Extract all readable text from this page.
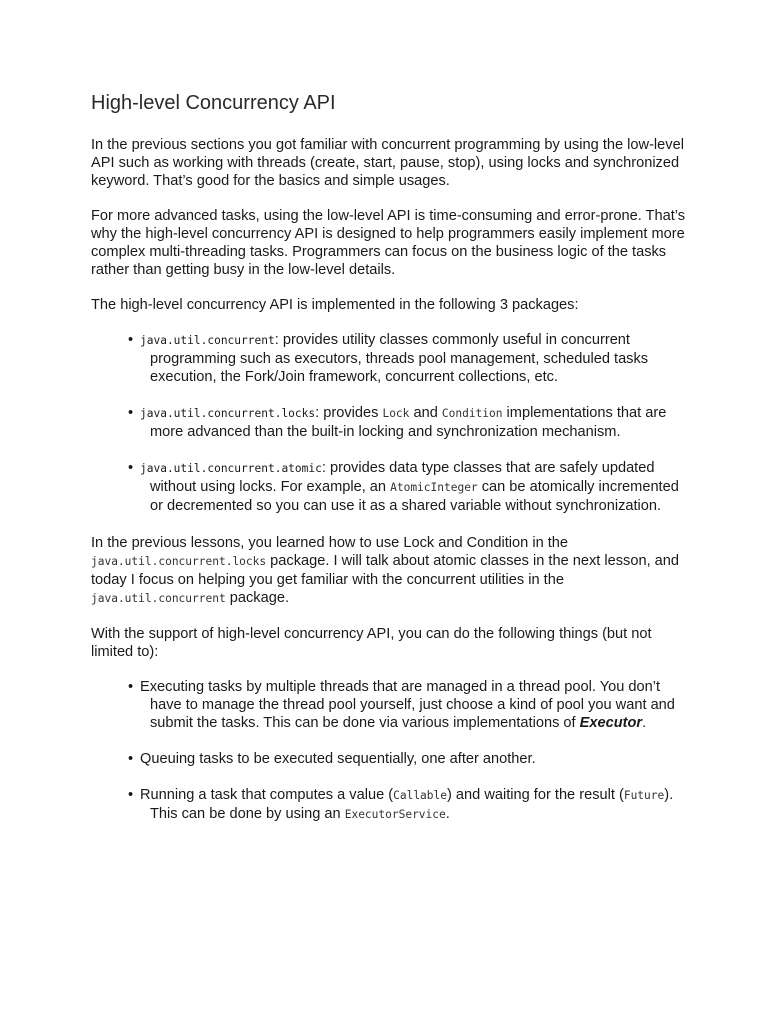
High-level Concurrency API

In the previous sections you got familiar with concurrent programming by using the low-level API such as working with threads (create, start, pause, stop), using locks and synchronized keyword. That’s good for the basics and simple usages.

For more advanced tasks, using the low-level API is time-consuming and error-prone. That’s why the high-level concurrency API is designed to help programmers easily implement more complex multi-threading tasks. Programmers can focus on the business logic of the tasks rather than getting busy in the low-level details.

The high-level concurrency API is implemented in the following 3 packages:

• java.util.concurrent: provides utility classes commonly useful in concurrent programming such as executors, threads pool management, scheduled tasks execution, the Fork/Join framework, concurrent collections, etc.
• java.util.concurrent.locks: provides Lock and Condition implementations that are more advanced than the built-in locking and synchronization mechanism.
• java.util.concurrent.atomic: provides data type classes that are safely updated without using locks. For example, an AtomicInteger can be atomically incremented or decremented so you can use it as a shared variable without synchronization.

In the previous lessons, you learned how to use Lock and Condition in the java.util.concurrent.locks package. I will talk about atomic classes in the next lesson, and today I focus on helping you get familiar with the concurrent utilities in the java.util.concurrent package.

With the support of high-level concurrency API, you can do the following things (but not limited to):

• Executing tasks by multiple threads that are managed in a thread pool. You don’t have to manage the thread pool yourself, just choose a kind of pool you want and submit the tasks. This can be done via various implementations of Executor.
• Queuing tasks to be executed sequentially, one after another.
• Running a task that computes a value (Callable) and waiting for the result (Future). This can be done by using an ExecutorService.
